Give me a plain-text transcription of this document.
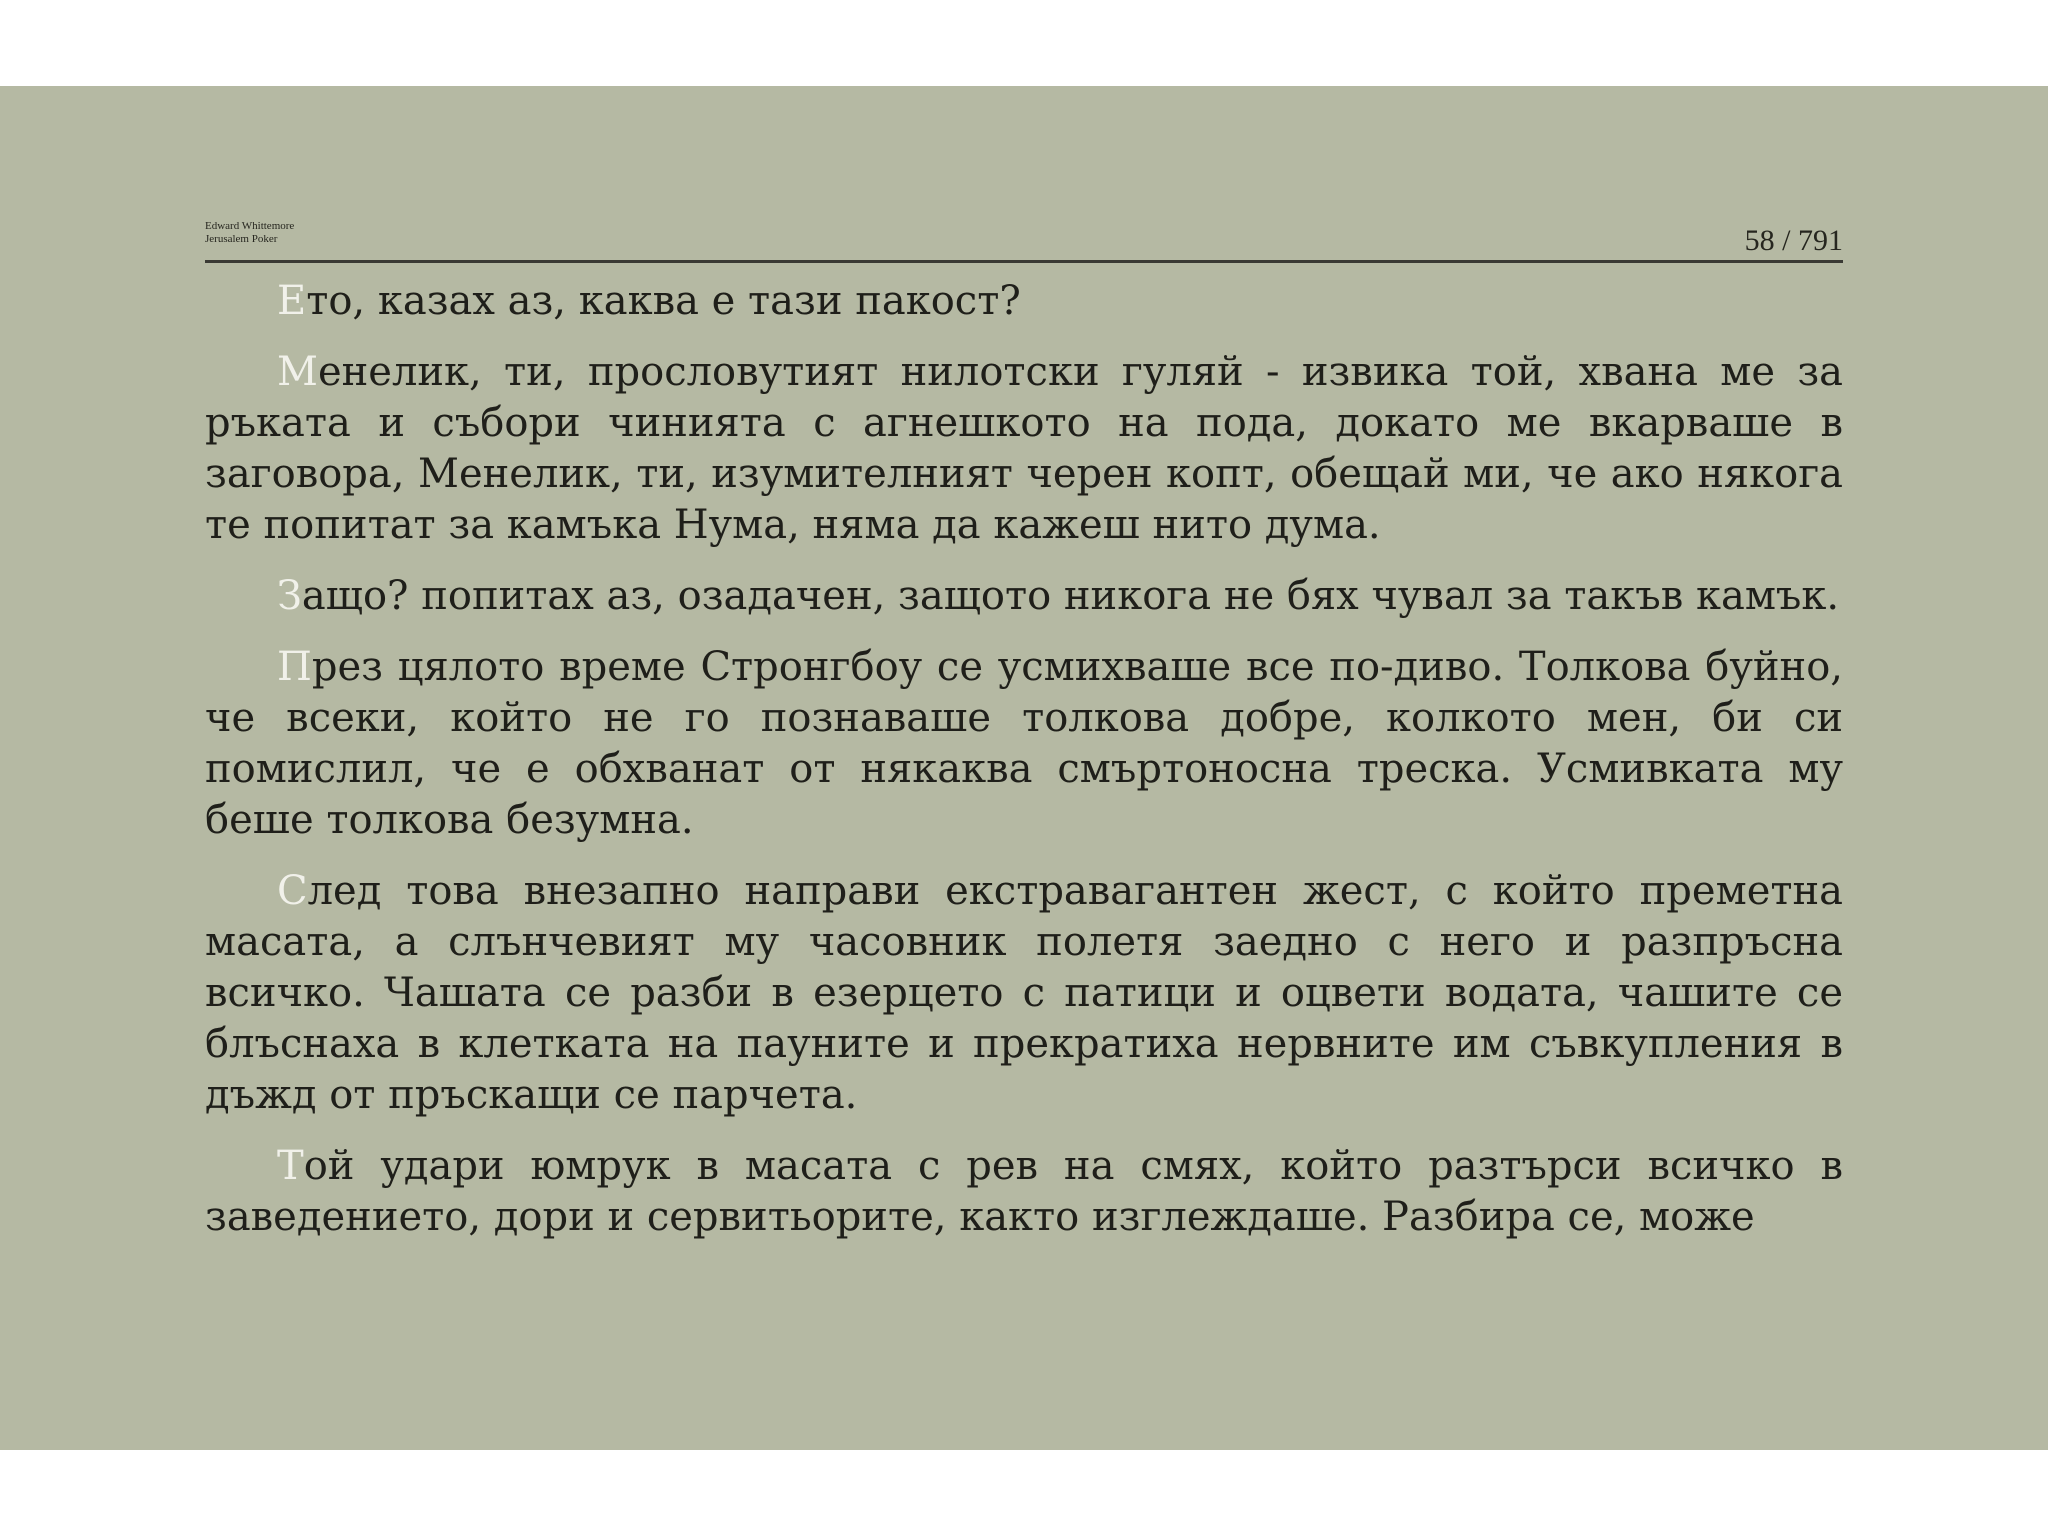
Edward Whittemore
Jerusalem Poker	58 / 791

Ето, казах аз, каква е тази пакост?

Менелик, ти, прословутият нилотски гуляй - извика той, хвана ме за ръката и събори чинията с агнешкото на пода, докато ме вкарваше в заговора, Менелик, ти, изумителният черен копт, обещай ми, че ако някога те попитат за камъка Нума, няма да кажеш нито дума.

Защо? попитах аз, озадачен, защото никога не бях чувал за такъв камък.

През цялото време Стронгбоу се усмихваше все по-диво. Толкова буйно, че всеки, който не го познаваше толкова добре, колкото мен, би си помислил, че е обхванат от някаква смъртоносна треска. Усмивката му беше толкова безумна.

След това внезапно направи екстравагантен жест, с който преметна масата, а слънчевият му часовник полетя заедно с него и разпръсна всичко. Чашата се разби в езерцето с патици и оцвети водата, чашите се блъснаха в клетката на пауните и прекратиха нервните им съвкупления в дъжд от пръскащи се парчета.

Той удари юмрук в масата с рев на смях, който разтърси всичко в заведението, дори и сервитьорите, както изглеждаше. Разбира се, може
